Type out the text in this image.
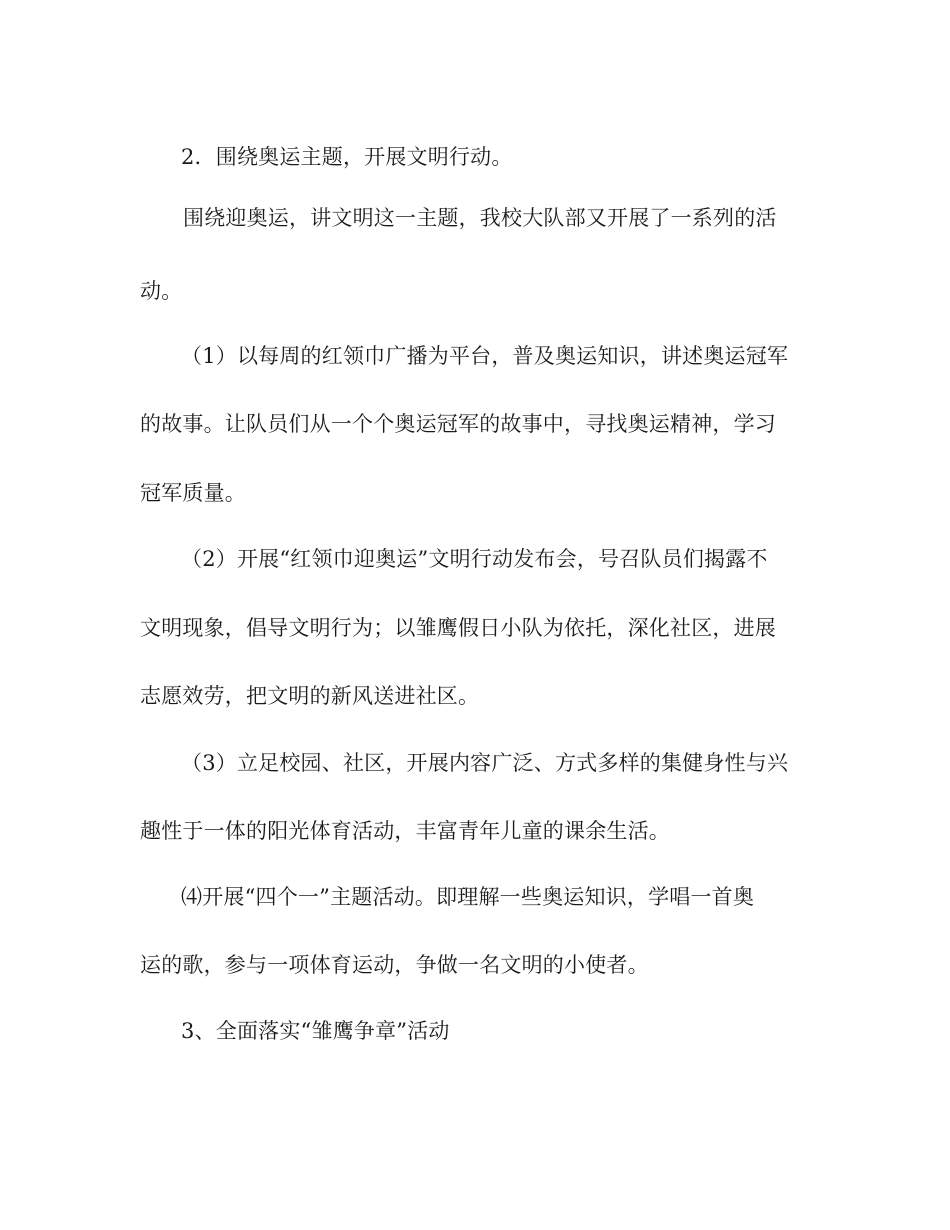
2．围绕奥运主题，开展文明行动。
围绕迎奥运，讲文明这一主题，我校大队部又开展了一系列的活
动。
（1）以每周的红领巾广播为平台，普及奥运知识，讲述奥运冠军
的故事。让队员们从一个个奥运冠军的故事中，寻找奥运精神，学习
冠军质量。
（2）开展“红领巾迎奥运”文明行动发布会，号召队员们揭露不
文明现象，倡导文明行为；以雏鹰假日小队为依托，深化社区，进展
志愿效劳，把文明的新风送进社区。
（3）立足校园、社区，开展内容广泛、方式多样的集健身性与兴
趣性于一体的阳光体育活动，丰富青年儿童的课余生活。
⑷开展“四个一”主题活动。即理解一些奥运知识，学唱一首奥
运的歌，参与一项体育运动，争做一名文明的小使者。
3、全面落实“雏鹰争章”活动
